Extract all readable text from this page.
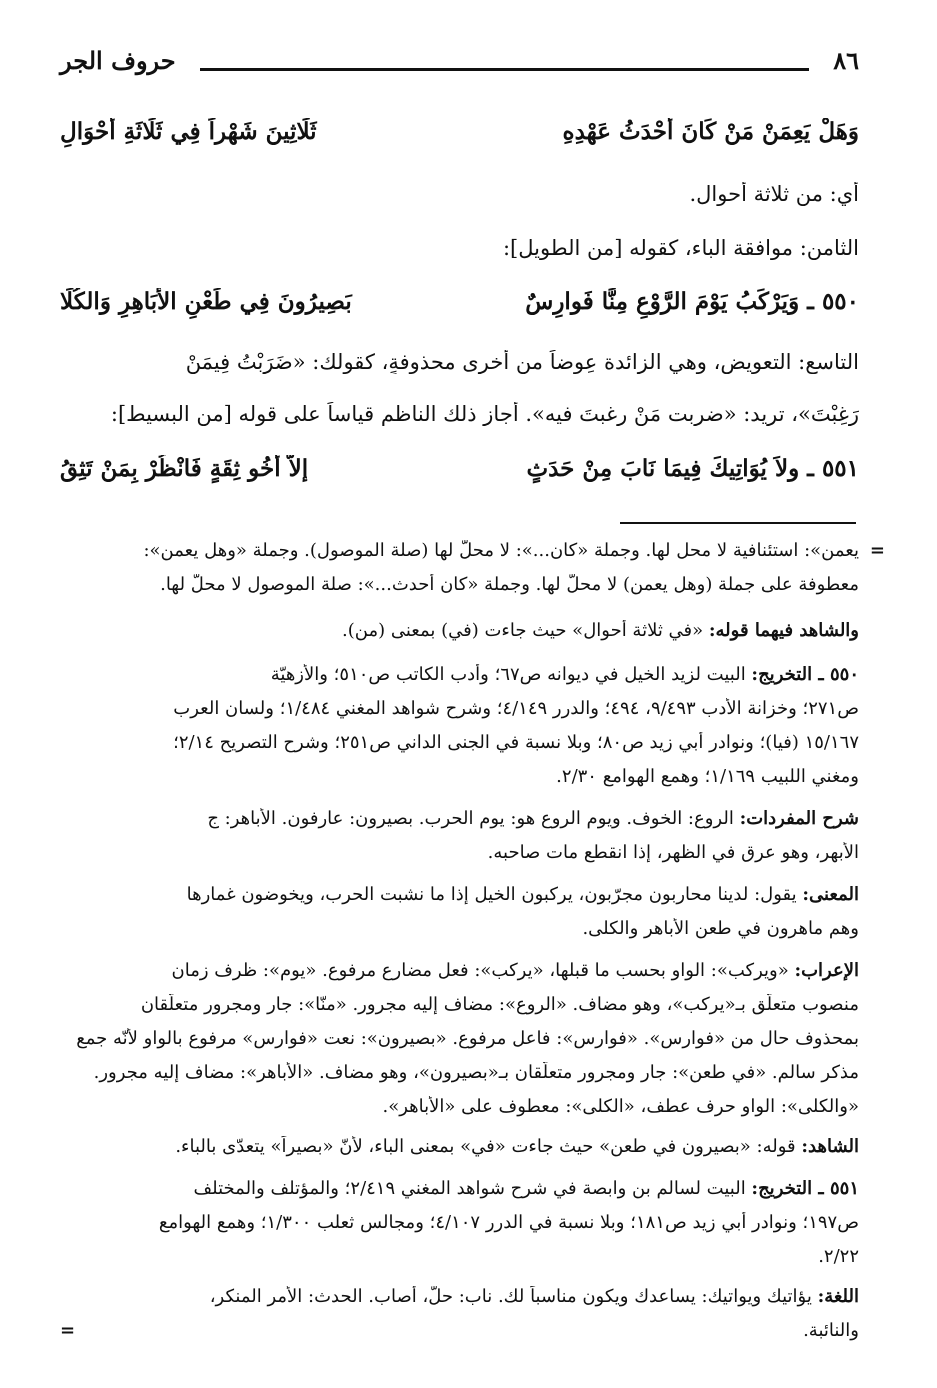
٨٦
حروف الجر
وَهَلْ يَعِمَنْ مَنْ كَانَ أَحْدَثُ عَهْدِهِ
ثَلَاثِينَ شَهْراً فِي ثَلَاثَةِ أَحْوَالِ
أي: من ثلاثة أحوال.
الثامن: موافقة الباء، كقوله [من الطويل]:
٥٥٠ ـ وَيَرْكَبُ يَوْمَ الرَّوْعِ مِنَّا فَوارِسٌ
بَصِيرُونَ فِي طَعْنِ الأَبَاهِرِ وَالكُلَا
التاسع: التعويض، وهي الزائدة عِوضاً من أخرى محذوفةٍ، كقولك: «ضَرَبْتُ فِيمَنْ
رَغِبْتَ»، تريد: «ضربت مَنْ رغبتَ فيه». أجاز ذلك الناظم قياساً على قوله [من البسيط]:
٥٥١ ـ ولاَ يُوَاتِيكَ فِيمَا نَابَ مِنْ حَدَثٍ
إلاَّ أَخُو ثِقَةٍ فَانْظُرْ بِمَنْ تَثِقُ
=
يعمن»: استئنافية لا محل لها. وجملة «كان...»: لا محلّ لها (صلة الموصول). وجملة «وهل يعمن»:
معطوفة على جملة (وهل يعمن) لا محلّ لها. وجملة «كان أحدث...»: صلة الموصول لا محلّ لها.
والشاهد فيهما قوله: «في ثلاثة أحوال» حيث جاءت (في) بمعنى (من).
٥٥٠ ـ التخريج: البيت لزيد الخيل في ديوانه ص٦٧؛ وأدب الكاتب ص٥١٠؛ والأزهيّة
ص٢٧١؛ وخزانة الأدب ٩/٤٩٣، ٤٩٤؛ والدرر ٤/١٤٩؛ وشرح شواهد المغني ١/٤٨٤؛ ولسان العرب
١٥/١٦٧ (فيا)؛ ونوادر أبي زيد ص٨٠؛ وبلا نسبة في الجنى الداني ص٢٥١؛ وشرح التصريح ٢/١٤؛
ومغني اللبيب ١/١٦٩؛ وهمع الهوامع ٢/٣٠.
شرح المفردات: الروع: الخوف. ويوم الروع هو: يوم الحرب. بصيرون: عارفون. الأباهر: ج
الأبهر، وهو عرق في الظهر، إذا انقطع مات صاحبه.
المعنى: يقول: لدينا محاربون مجرّبون، يركبون الخيل إذا ما نشبت الحرب، ويخوضون غمارها
وهم ماهرون في طعن الأباهر والكلى.
الإعراب: «ويركب»: الواو بحسب ما قبلها، «يركب»: فعل مضارع مرفوع. «يوم»: ظرف زمان
منصوب متعلّق بـ«يركب»، وهو مضاف. «الروع»: مضاف إليه مجرور. «منّا»: جار ومجرور متعلّقان
بمحذوف حال من «فوارس». «فوارس»: فاعل مرفوع. «بصيرون»: نعت «فوارس» مرفوع بالواو لأنّه جمع
مذكر سالم. «في طعن»: جار ومجرور متعلّقان بـ«بصيرون»، وهو مضاف. «الأباهر»: مضاف إليه مجرور.
«والكلى»: الواو حرف عطف، «الكلى»: معطوف على «الأباهر».
الشاهد: قوله: «بصيرون في طعن» حيث جاءت «في» بمعنى الباء، لأنّ «بصيراً» يتعدّى بالباء.
٥٥١ ـ التخريج: البيت لسالم بن وابصة في شرح شواهد المغني ٢/٤١٩؛ والمؤتلف والمختلف
ص١٩٧؛ ونوادر أبي زيد ص١٨١؛ وبلا نسبة في الدرر ٤/١٠٧؛ ومجالس ثعلب ١/٣٠٠؛ وهمع الهوامع
٢/٢٢.
اللغة: يؤاتيك ويواتيك: يساعدك ويكون مناسباً لك. ناب: حلّ، أصاب. الحدث: الأمر المنكر،
والنائبة.
=
